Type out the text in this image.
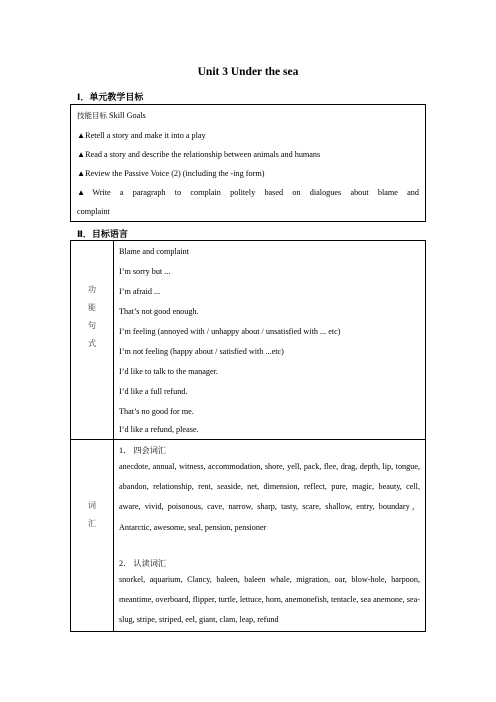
Unit 3 Under the sea
Ⅰ．单元教学目标
技能目标 Skill Goals
▲Retell a story and make it into a play
▲Read a story and describe the relationship between animals and humans
▲Review the Passive Voice (2) (including the -ing form)
▲Write a paragraph to complain politely based on dialogues about blame and
complaint
Ⅱ．目标语言
功
能
句
式
Blame and complaint
I’m sorry but ...
I’m afraid ...
That’s not good enough.
I’m feeling (annoyed with / unhappy about / unsatisfied with ... etc)
I’m not feeling (happy about / satisfied with ...etc)
I’d like to talk to the manager.
I’d like a full refund.
That’s no good for me.
I’d like a refund, please.
词
汇
1． 四会词汇
anecdote, annual, witness, accommodation, shore, yell, pack, flee, drag, depth, lip, tongue, abandon, relationship, rent, seaside, net, dimension, reflect, pure, magic, beauty, cell, aware, vivid, poisonous, cave, narrow, sharp, tasty, scare, shallow, entry, boundary，Antarctic, awesome, seal, pension, pensioner
2． 认读词汇
snorkel, aquarium, Clancy, baleen, baleen whale, migration, oar, blow-hole, harpoon, meantime, overboard, flipper, turtle, lettuce, horn, anemonefish, tentacle, sea anemone, sea-slug, stripe, striped, eel, giant, clam, leap, refund
